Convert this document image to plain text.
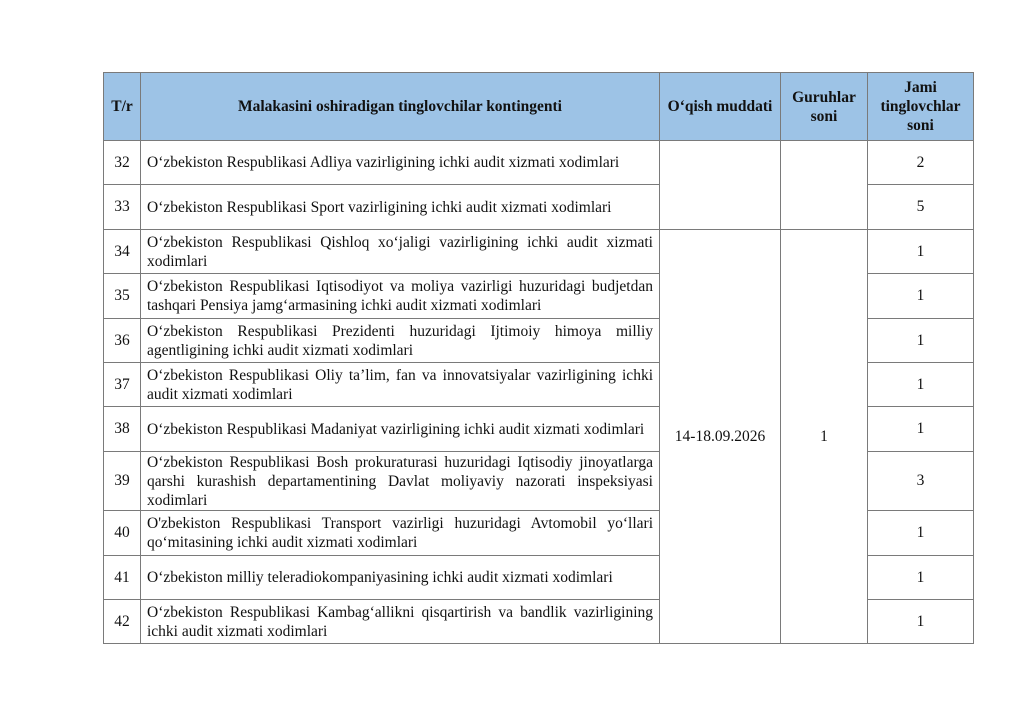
T/r	Malakasini oshiradigan tinglovchilar kontingenti	O‘qish muddati	Guruhlar soni	Jami tinglovchlar soni
32	O‘zbekiston Respublikasi Adliya vazirligining ichki audit xizmati xodimlari			2
33	O‘zbekiston Respublikasi Sport vazirligining ichki audit xizmati xodimlari			5
34	O‘zbekiston Respublikasi Qishloq xo‘jaligi vazirligining ichki audit xizmati xodimlari	14-18.09.2026	1	1
35	O‘zbekiston Respublikasi Iqtisodiyot va moliya vazirligi huzuridagi budjetdan tashqari Pensiya jamg‘armasining ichki audit xizmati xodimlari			1
36	O‘zbekiston Respublikasi Prezidenti huzuridagi Ijtimoiy himoya milliy agentligining ichki audit xizmati xodimlari			1
37	O‘zbekiston Respublikasi Oliy ta’lim, fan va innovatsiyalar vazirligining ichki audit xizmati xodimlari			1
38	O‘zbekiston Respublikasi Madaniyat vazirligining ichki audit xizmati xodimlari			1
39	O‘zbekiston Respublikasi Bosh prokuraturasi huzuridagi Iqtisodiy jinoyatlarga qarshi kurashish departamentining Davlat moliyaviy nazorati inspeksiyasi xodimlari			3
40	O'zbekiston Respublikasi Transport vazirligi huzuridagi Avtomobil yo‘llari qo‘mitasining ichki audit xizmati xodimlari			1
41	O‘zbekiston milliy teleradiokompaniyasining ichki audit xizmati xodimlari			1
42	O‘zbekiston Respublikasi Kambag‘allikni qisqartirish va bandlik vazirligining ichki audit xizmati xodimlari			1
